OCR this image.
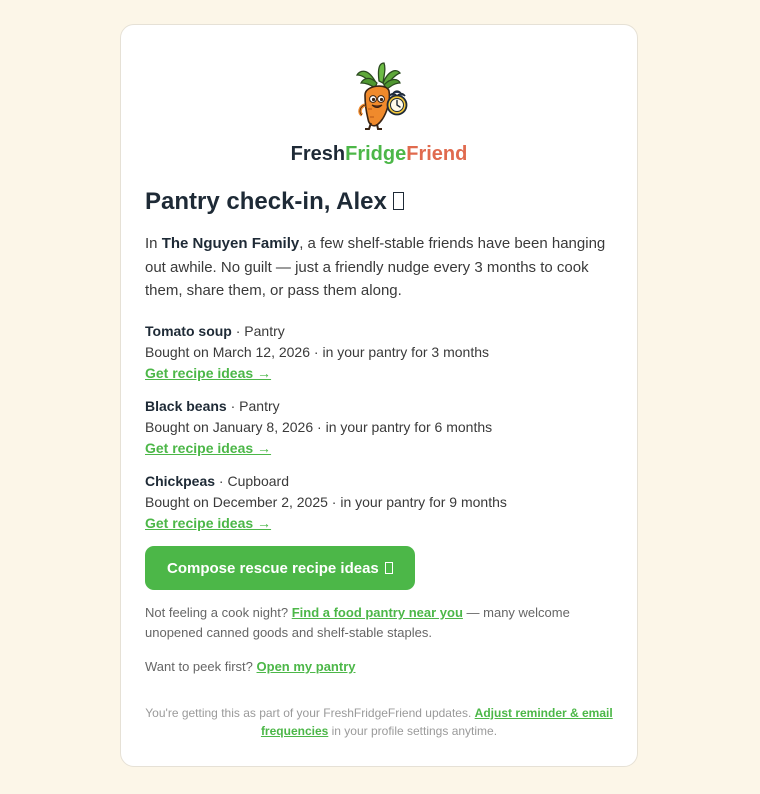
FreshFridgeFriend
Pantry check-in, Alex

In The Nguyen Family, a few shelf-stable friends have been hanging out awhile. No guilt — just a friendly nudge every 3 months to cook them, share them, or pass them along.

Tomato soup · Pantry
Bought on March 12, 2026 · in your pantry for 3 months
Get recipe ideas →
Black beans · Pantry
Bought on January 8, 2026 · in your pantry for 6 months
Get recipe ideas →
Chickpeas · Cupboard
Bought on December 2, 2025 · in your pantry for 9 months
Get recipe ideas →
Compose rescue recipe ideas

Not feeling a cook night? Find a food pantry near you — many welcome unopened canned goods and shelf-stable staples.

Want to peek first? Open my pantry

You're getting this as part of your FreshFridgeFriend updates. Adjust reminder & email frequencies in your profile settings anytime.
